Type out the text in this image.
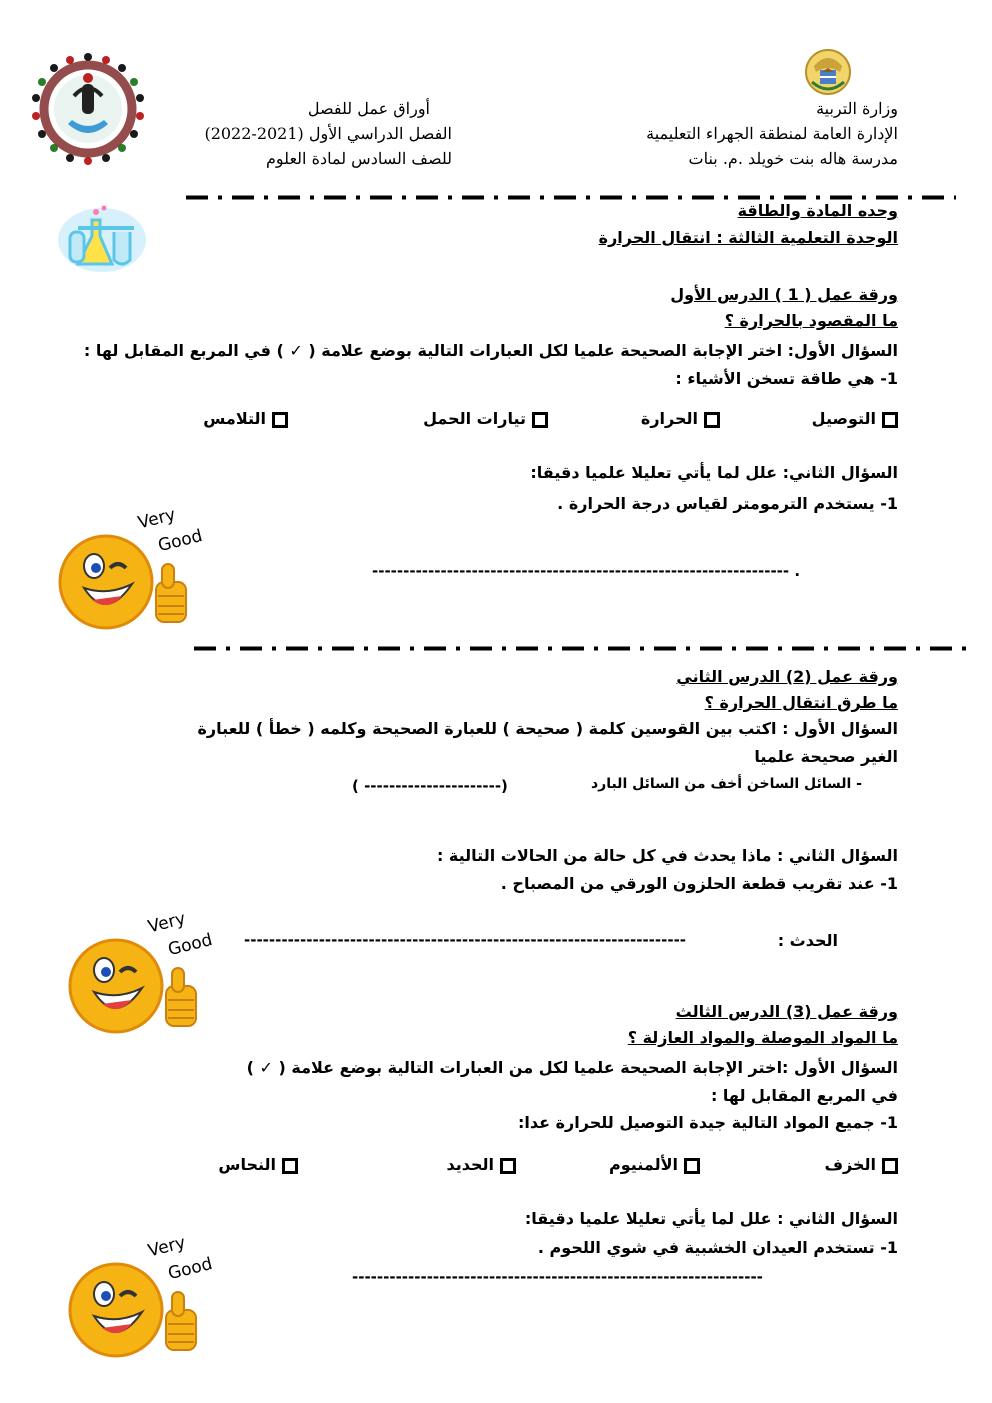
وزارة التربية
الإدارة العامة لمنطقة الجهراء التعليمية
مدرسة هاله بنت خويلد .م. بنات
أوراق عمل للفصل
الفصل الدراسي الأول (2021-2022)
للصف السادس لمادة العلوم
وحده المادة والطاقة
الوحدة التعلمية الثالثة : انتقال الحرارة
ورقة عمل ( 1 ) الدرس الأول
ما المقصود بالحرارة ؟
السؤال الأول: اختر الإجابة الصحيحة علميا لكل العبارات التالية بوضع علامة ( ✓ ) في المربع المقابل لها :
1- هي طاقة تسخن الأشياء :
التوصيل
الحرارة
تيارات الحمل
التلامس
السؤال الثاني: علل لما يأتي تعليلا علميا دقيقا:
1- يستخدم الترمومتر لقياس درجة الحرارة .
------------------------------------------------------------------- .
Very
Good
ورقة عمل (2) الدرس الثاني
ما طرق انتقال الحرارة ؟
السؤال الأول : اكتب بين القوسين كلمة ( صحيحة ) للعبارة الصحيحة وكلمه ( خطأ ) للعبارة
الغير صحيحة علميا
- السائل الساخن أخف من السائل البارد
( ----------------------)
السؤال الثاني : ماذا يحدث في كل حالة من الحالات التالية :
1- عند تقريب قطعة الحلزون الورقي من المصباح .
الحدث :
-----------------------------------------------------------------------
Very
Good
ورقة عمل (3) الدرس الثالث
ما المواد الموصلة والمواد العازلة ؟
السؤال الأول :اختر الإجابة الصحيحة علميا لكل من العبارات التالية بوضع علامة ( ✓ )
في المربع المقابل لها :
1- جميع المواد التالية جيدة التوصيل للحرارة عدا:
الخزف
الألمنيوم
الحديد
النحاس
السؤال الثاني : علل لما يأتي تعليلا علميا دقيقا:
1- تستخدم العيدان الخشبية في شوي اللحوم .
------------------------------------------------------------------
Very
Good
